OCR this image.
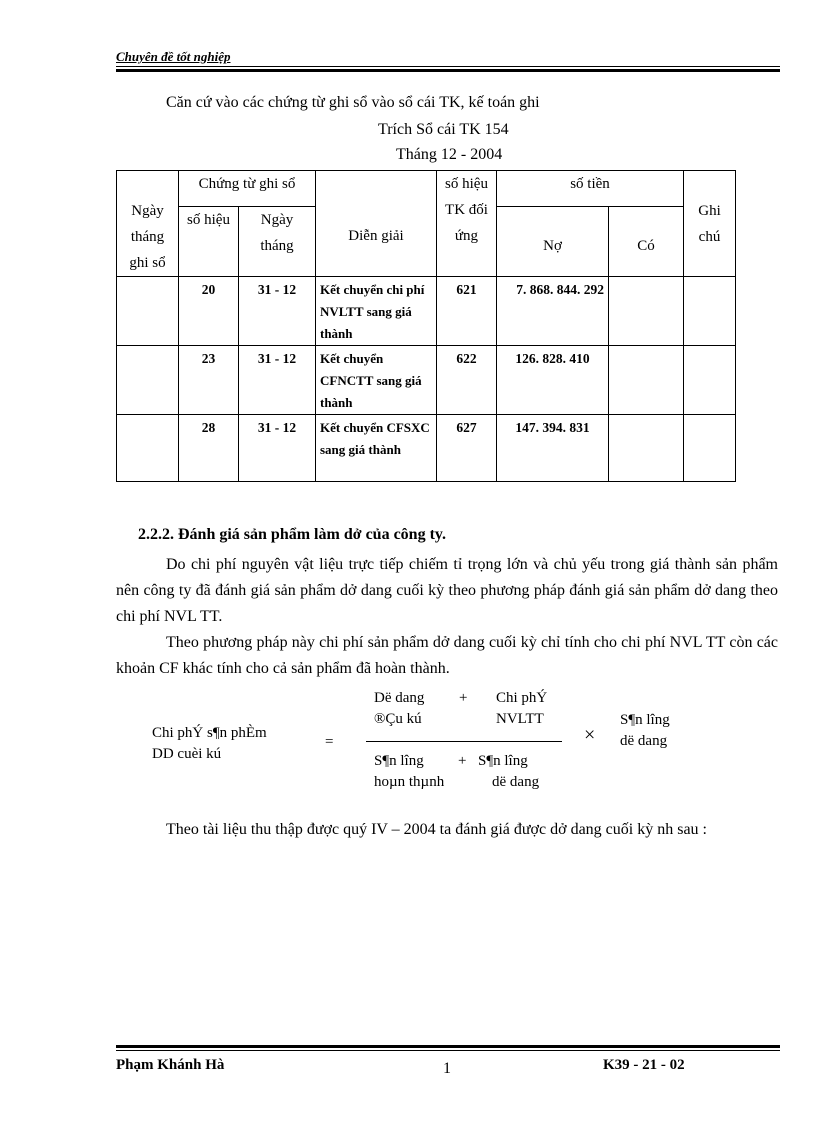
Chuyên đề tốt nghiệp
Căn cứ vào các chứng từ ghi sổ vào sổ cái TK, kế toán ghi
Trích Sổ cái TK 154
Tháng 12 - 2004
Ngày tháng ghi sổ	Chứng từ ghi sổ		Diễn giải	số hiệu TK đối ứng	số tiền		Ghi chú
	số hiệu	Ngày tháng			Nợ	Có	
	20	31 - 12	Kết chuyển chi phí NVLTT sang giá thành	621	7. 868. 844. 292		
	23	31 - 12	Kết chuyển CFNCTT sang giá thành	622	126. 828. 410		
	28	31 - 12	Kết chuyển CFSXC sang giá thành	627	147. 394. 831		
2.2.2. Đánh giá sản phẩm làm dở của công ty.
Do chi phí nguyên vật liệu trực tiếp chiếm tỉ trọng lớn và chủ yếu trong giá thành sản phẩm nên công ty đã đánh giá sản phẩm dở dang cuối kỳ theo phương pháp đánh giá sản phẩm dở dang theo chi phí NVL TT.
Theo phương pháp này chi phí sản phẩm dở dang cuối kỳ chỉ tính cho chi phí NVL TT còn các khoản CF khác tính cho cả sản phẩm đã hoàn thành.
Chi phÝ s¶n phÈm
DD cuèi kú
=
Dë dang
®Çu kú
+ Chi phÝ
NVLTT
S¶n lîng
hoµn thµnh
+ S¶n lîng
dë dang
×
S¶n lîng
dë dang
Theo tài liệu thu thập được quý IV – 2004 ta đánh giá được dở dang cuối kỳ nh sau :
Phạm Khánh Hà	1	K39 - 21 - 02
